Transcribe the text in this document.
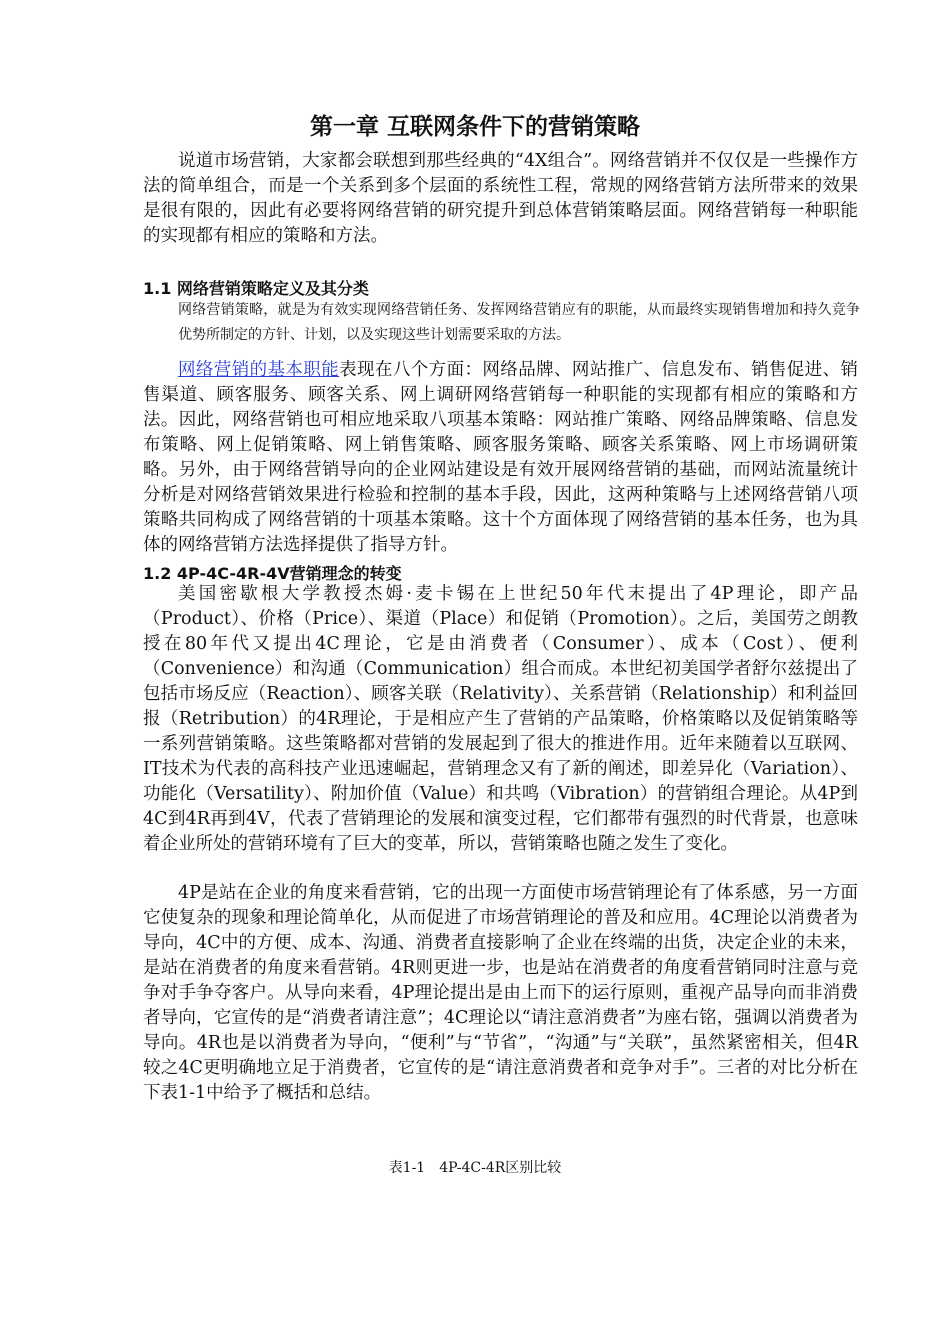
第一章 互联网条件下的营销策略

说道市场营销，大家都会联想到那些经典的“4X组合”。网络营销并不仅仅是一些操作方法的简单组合，而是一个关系到多个层面的系统性工程，常规的网络营销方法所带来的效果是很有限的，因此有必要将网络营销的研究提升到总体营销策略层面。网络营销每一种职能的实现都有相应的策略和方法。

1.1 网络营销策略定义及其分类

网络营销策略，就是为有效实现网络营销任务、发挥网络营销应有的职能，从而最终实现销售增加和持久竞争优势所制定的方针、计划，以及实现这些计划需要采取的方法。

网络营销的基本职能表现在八个方面：网络品牌、网站推广、信息发布、销售促进、销售渠道、顾客服务、顾客关系、网上调研网络营销每一种职能的实现都有相应的策略和方法。因此，网络营销也可相应地采取八项基本策略：网站推广策略、网络品牌策略、信息发布策略、网上促销策略、网上销售策略、顾客服务策略、顾客关系策略、网上市场调研策略。另外，由于网络营销导向的企业网站建设是有效开展网络营销的基础，而网站流量统计分析是对网络营销效果进行检验和控制的基本手段，因此，这两种策略与上述网络营销八项策略共同构成了网络营销的十项基本策略。这十个方面体现了网络营销的基本任务，也为具体的网络营销方法选择提供了指导方针。

1.2 4P-4C-4R-4V营销理念的转变

美国密歇根大学教授杰姆·麦卡锡在上世纪50年代末提出了4P理论，即产品（Product）、价格（Price）、渠道（Place）和促销（Promotion）。之后，美国劳之朗教授在80年代又提出4C理论，它是由消费者（Consumer）、成本（Cost）、便利（Convenience）和沟通（Communication）组合而成。本世纪初美国学者舒尔兹提出了包括市场反应（Reaction）、顾客关联（Relativity）、关系营销（Relationship）和利益回报（Retribution）的4R理论，于是相应产生了营销的产品策略，价格策略以及促销策略等一系列营销策略。这些策略都对营销的发展起到了很大的推进作用。近年来随着以互联网、IT技术为代表的高科技产业迅速崛起，营销理念又有了新的阐述，即差异化（Variation）、功能化（Versatility）、附加价值（Value）和共鸣（Vibration）的营销组合理论。从4P到4C到4R再到4V，代表了营销理论的发展和演变过程，它们都带有强烈的时代背景，也意味着企业所处的营销环境有了巨大的变革，所以，营销策略也随之发生了变化。

4P是站在企业的角度来看营销，它的出现一方面使市场营销理论有了体系感，另一方面它使复杂的现象和理论简单化，从而促进了市场营销理论的普及和应用。4C理论以消费者为导向，4C中的方便、成本、沟通、消费者直接影响了企业在终端的出货，决定企业的未来，是站在消费者的角度来看营销。4R则更进一步，也是站在消费者的角度看营销同时注意与竞争对手争夺客户。从导向来看，4P理论提出是由上而下的运行原则，重视产品导向而非消费者导向，它宣传的是“消费者请注意”；4C理论以“请注意消费者”为座右铭，强调以消费者为导向。4R也是以消费者为导向，“便利”与“节省”，“沟通”与“关联”，虽然紧密相关，但4R较之4C更明确地立足于消费者，它宣传的是“请注意消费者和竞争对手”。三者的对比分析在下表1-1中给予了概括和总结。

表1-1　4P-4C-4R区别比较
